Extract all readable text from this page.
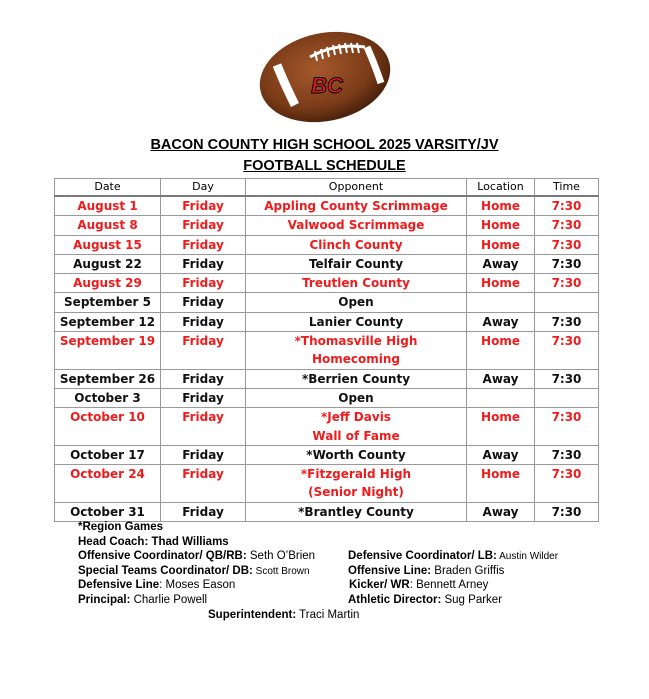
BC
BACON COUNTY HIGH SCHOOL 2025 VARSITY/JV
FOOTBALL SCHEDULE
Date	Day	Opponent	Location	Time
August 1	Friday	Appling County Scrimmage	Home	7:30
August 8	Friday	Valwood Scrimmage	Home	7:30
August 15	Friday	Clinch County	Home	7:30
August 22	Friday	Telfair County	Away	7:30
August 29	Friday	Treutlen County	Home	7:30
September 5	Friday	Open		

September 12	Friday	Lanier County	Away	7:30
September 19	Friday	*Thomasville High
Homecoming	Home	7:30
September 26	Friday	*Berrien County	Away	7:30
October 3	Friday	Open		

October 10	Friday	*Jeff Davis
Wall of Fame	Home	7:30
October 17	Friday	*Worth County	Away	7:30
October 24	Friday	*Fitzgerald High
(Senior Night)	Home	7:30
October 31	Friday	*Brantley County	Away	7:30
*Region Games
Head Coach: Thad Williams
Offensive Coordinator/ QB/RB: Seth O’Brien	Defensive Coordinator/ LB: Austin Wilder
Special Teams Coordinator/ DB: Scott Brown	Offensive Line: Braden Griffis
Defensive Line: Moses Eason	Kicker/ WR: Bennett Arney
Principal: Charlie Powell	Athletic Director: Sug Parker
Superintendent: Traci Martin
